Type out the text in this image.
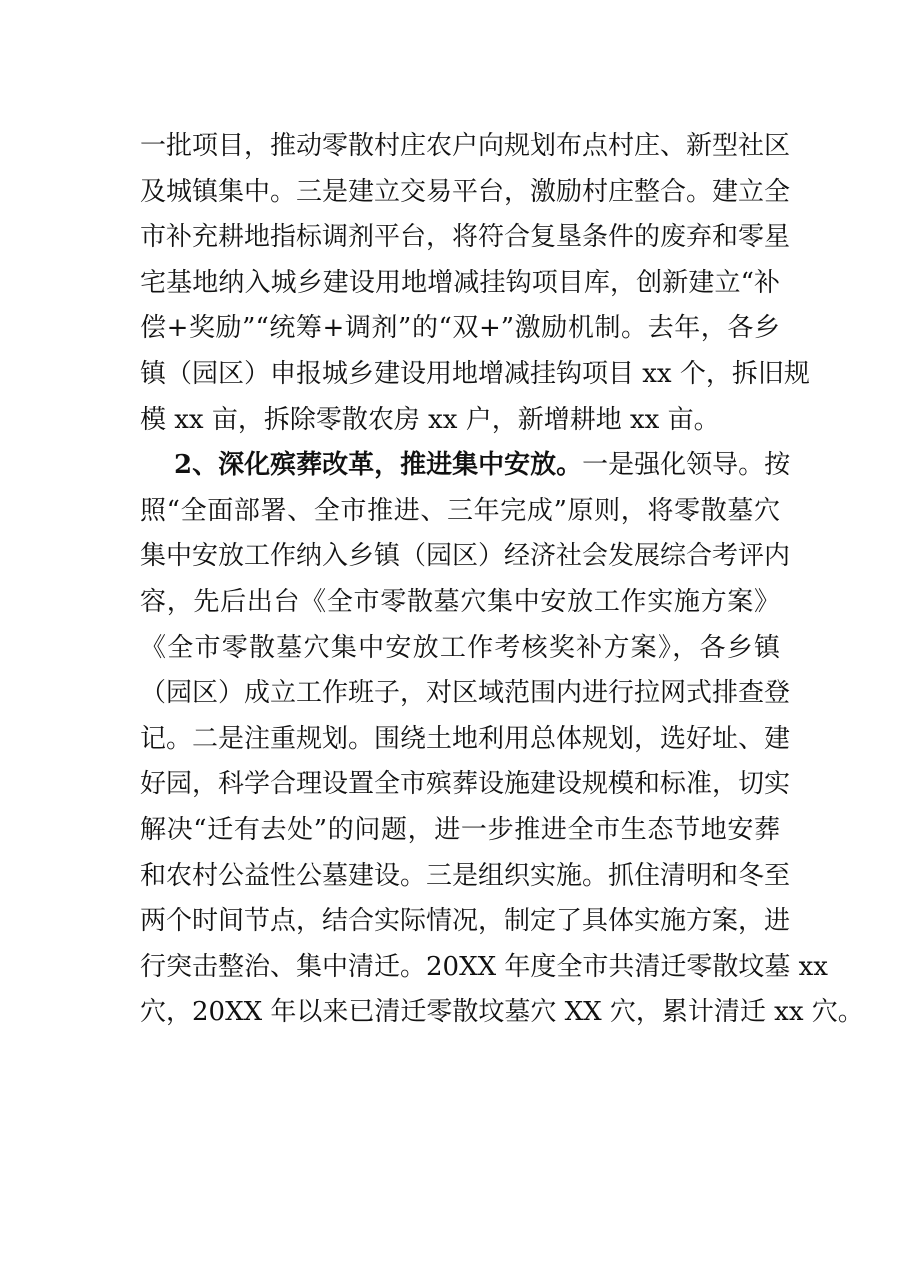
一批项目，推动零散村庄农户向规划布点村庄、新型社区
及城镇集中。三是建立交易平台，激励村庄整合。建立全
市补充耕地指标调剂平台，将符合复垦条件的废弃和零星
宅基地纳入城乡建设用地增减挂钩项目库，创新建立“补
偿+奖励”“统筹+调剂”的“双+”激励机制。去年，各乡
镇（园区）申报城乡建设用地增减挂钩项目 xx 个，拆旧规
模 xx 亩，拆除零散农房 xx 户，新增耕地 xx 亩。
2、深化殡葬改革，推进集中安放。一是强化领导。按
照“全面部署、全市推进、三年完成”原则，将零散墓穴
集中安放工作纳入乡镇（园区）经济社会发展综合考评内
容，先后出台《全市零散墓穴集中安放工作实施方案》
《全市零散墓穴集中安放工作考核奖补方案》，各乡镇
（园区）成立工作班子，对区域范围内进行拉网式排查登
记。二是注重规划。围绕土地利用总体规划，选好址、建
好园，科学合理设置全市殡葬设施建设规模和标准，切实
解决“迁有去处”的问题，进一步推进全市生态节地安葬
和农村公益性公墓建设。三是组织实施。抓住清明和冬至
两个时间节点，结合实际情况，制定了具体实施方案，进
行突击整治、集中清迁。20XX 年度全市共清迁零散坟墓 xx
穴，20XX 年以来已清迁零散坟墓穴 XX 穴，累计清迁 xx 穴。
